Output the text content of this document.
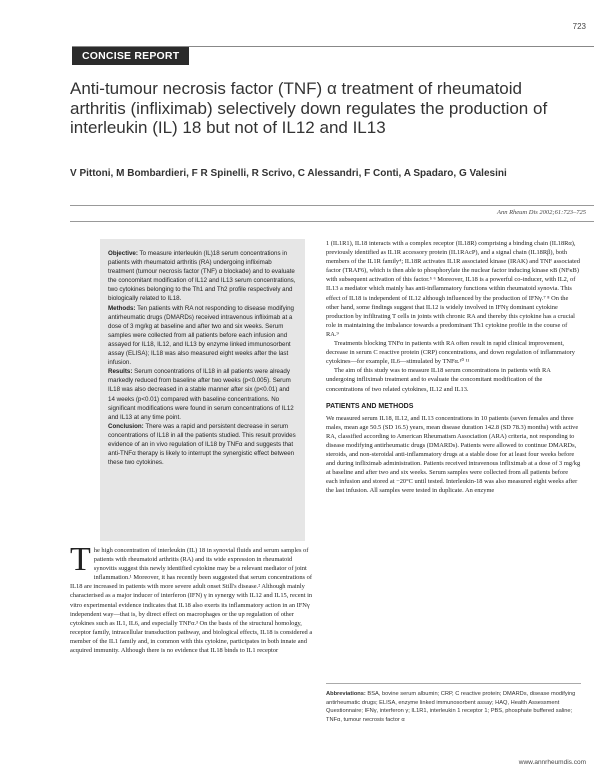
723
CONCISE REPORT
Anti-tumour necrosis factor (TNF) α treatment of rheumatoid arthritis (infliximab) selectively down regulates the production of interleukin (IL) 18 but not of IL12 and IL13
V Pittoni, M Bombardieri, F R Spinelli, R Scrivo, C Alessandri, F Conti, A Spadaro, G Valesini
Ann Rheum Dis 2002;61:723–725

Objective: To measure interleukin (IL)18 serum concentrations in patients with rheumatoid arthritis (RA) undergoing infliximab treatment (tumour necrosis factor (TNF) α blockade) and to evaluate the concomitant modification of IL12 and IL13 serum concentrations, two cytokines belonging to the Th1 and Th2 profile respectively and biologically related to IL18.

Methods: Ten patients with RA not responding to disease modifying antirheumatic drugs (DMARDs) received intravenous infliximab at a dose of 3 mg/kg at baseline and after two and six weeks. Serum samples were collected from all patients before each infusion and assayed for IL18, IL12, and IL13 by enzyme linked immunosorbent assay (ELISA); IL18 was also measured eight weeks after the last infusion.

Results: Serum concentrations of IL18 in all patients were already markedly reduced from baseline after two weeks (p<0.005). Serum IL18 was also decreased in a stable manner after six (p<0.01) and 14 weeks (p<0.01) compared with baseline concentrations. No significant modifications were found in serum concentrations of IL12 and IL13 at any time point.

Conclusion: There was a rapid and persistent decrease in serum concentrations of IL18 in all the patients studied. This result provides evidence of an in vivo regulation of IL18 by TNFα and suggests that anti-TNFα therapy is likely to interrupt the synergistic effect between these two cytokines.

The high concentration of interleukin (IL) 18 in synovial fluids and serum samples of patients with rheumatoid arthritis (RA) and its wide expression in rheumatoid synovitis suggest this newly identified cytokine may be a relevant mediator of joint inflammation.¹ Moreover, it has recently been suggested that serum concentrations of IL18 are increased in patients with more severe adult onset Still's disease.² Although mainly characterised as a major inducer of interferon (IFN) γ in synergy with IL12 and IL15, recent in vitro experimental evidence indicates that IL18 also exerts its inflammatory action in an IFNγ independent way—that is, by direct effect on macrophages or the up regulation of other cytokines such as IL1, IL6, and especially TNFα.³ On the basis of the structural homology, receptor family, intracellular transduction pathway, and biological effects, IL18 is considered a member of the IL1 family and, in common with this cytokine, participates in both innate and acquired immunity. Although there is no evidence that IL18 binds to IL1 receptor

1 (IL1R1), IL18 interacts with a complex receptor (IL18R) comprising a binding chain (IL18Rα), previously identified as IL1R accessory protein (IL1RAcP), and a signal chain (IL18Rβ), both members of the IL1R family⁴; IL18R activates IL1R associated kinase (IRAK) and TNF associated factor (TRAF6), which is then able to phosphorylate the nuclear factor inducing kinase κB (NFκB) with subsequent activation of this factor.⁵ ⁶ Moreover, IL18 is a powerful co-inducer, with IL2, of IL13 a mediator which mainly has anti-inflammatory functions within rheumatoid synovia. This effect of IL18 is independent of IL12 although influenced by the production of IFNγ.⁷ ⁸ On the other hand, some findings suggest that IL12 is widely involved in IFNγ dominant cytokine production by infiltrating T cells in joints with chronic RA and thereby this cytokine has a crucial role in maintaining the imbalance towards a predominant Th1 cytokine profile in the course of RA.⁹

Treatments blocking TNFα in patients with RA often result in rapid clinical improvement, decrease in serum C reactive protein (CRP) concentrations, and down regulation of inflammatory cytokines—for example, IL6—stimulated by TNFα.¹⁰ ¹¹

The aim of this study was to measure IL18 serum concentrations in patients with RA undergoing infliximab treatment and to evaluate the concomitant modification of the concentrations of two related cytokines, IL12 and IL13.

PATIENTS AND METHODS

We measured serum IL18, IL12, and IL13 concentrations in 10 patients (seven females and three males, mean age 50.5 (SD 16.5) years, mean disease duration 142.8 (SD 78.3) months) with active RA, classified according to American Rheumatism Association (ARA) criteria, not responding to disease modifying antirheumatic drugs (DMARDs). Patients were allowed to continue DMARDs, steroids, and non-steroidal anti-inflammatory drugs at a stable dose for at least four weeks before and during infliximab administration. Patients received intravenous infliximab at a dose of 3 mg/kg at baseline and after two and six weeks. Serum samples were collected from all patients before each infusion and stored at −20°C until tested. Interleukin-18 was also measured eight weeks after the last infusion. All samples were tested in duplicate. An enzyme

Abbreviations: BSA, bovine serum albumin; CRP, C reactive protein; DMARDs, disease modifying antirheumatic drugs; ELISA, enzyme linked immunosorbent assay; HAQ, Health Assessment Questionnaire; IFNγ, interferon γ; IL1R1, interleukin 1 receptor 1; PBS, phosphate buffered saline; TNFα, tumour necrosis factor α

www.annrheumdis.com
